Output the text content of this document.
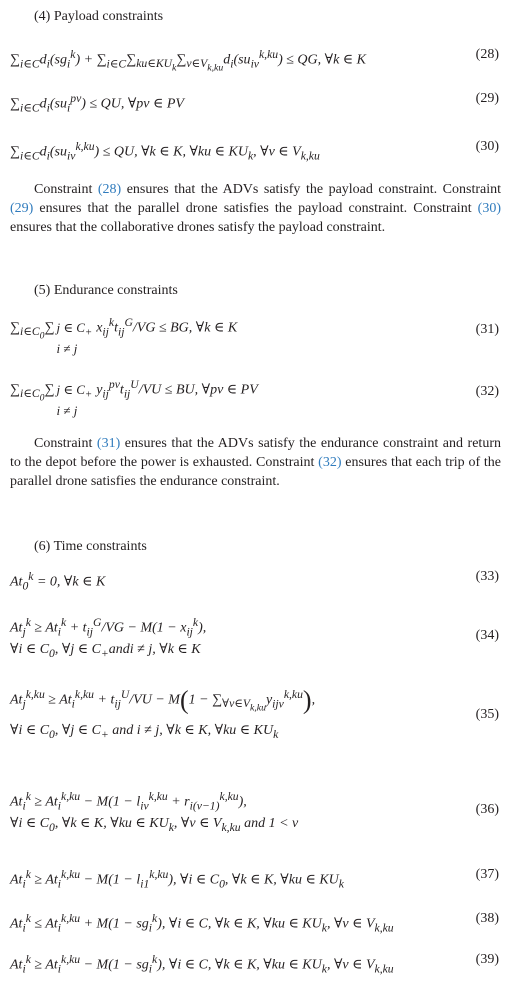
(4) Payload constraints
$\sum_{i\in C}d_i(sg_i^k) + \sum_{i\in C}\sum_{ku\in KU_k}\sum_{v\in V_{k,ku}}d_i(su_{iv}^{k,ku})$ ≤ QG, ∀k ∈ K	(28)
$\sum_{i\in C}d_i(su_i^{pv})$ ≤ QU, ∀pv ∈ PV	(29)
$\sum_{i\in C}d_i(su_{iv}^{k,ku})$ ≤ QU, ∀k ∈ K, ∀ku ∈ $KU_k$, ∀v ∈ $V_{k,ku}$
(30)
Constraint (28) ensures that the ADVs satisfy the payload constraint. Constraint (29) ensures that the parallel drone satisfies the payload constraint. Constraint (30) ensures that the collaborative drones satisfy the payload constraint.
(5) Endurance constraints
$\sum_{i\in C_0}\sum$ j ∈ $C_+$
$i \ne jx_{ij}^kt_{ij}^G/VG$ ≤ BG, ∀k ∈ K	(31)
$\sum_{i\in C_0}\sum$ j ∈ $C_+$
$i \ne jy_{ij}^{pv}t_{ij}^U/VU$ ≤ BU, ∀pv ∈ PV	(32)
Constraint (31) ensures that the ADVs satisfy the endurance constraint and return to the depot before the power is exhausted. Constraint (32) ensures that each trip of the parallel drone satisfies the endurance constraint.
(6) Time constraints
$At_0^k = 0$, ∀k ∈ K	(33)
$At_j^k \ge At_i^k + t_{ij}^G/VG - M(1 - x_{ij}^k)$,
∀i ∈ $C_0$, ∀j ∈ $C_+andi \ne j$, ∀k ∈ K
(34)
$At_j^{k,ku} \ge At_i^{k,ku} + t_{ij}^U/VU - M(1 - \sum_{\forall v\in V_{k,ku}}y_{ijv}^{k,ku})$,
∀i ∈ $C_0$, ∀j ∈ $C_+$ and i ≠ j, ∀k ∈ K, ∀ku ∈ $KU_k$
(35)
$At_i^k \ge At_i^{k,ku} - M(1 - l_{iv}^{k,ku} + r_{i(v-1)}^{k,ku})$,
∀i ∈ $C_0$, ∀k ∈ K, ∀ku ∈ $KU_k$, ∀v ∈ $V_{k,ku}$ and 1 < v
(36)
$At_i^k \ge At_i^{k,ku} - M(1 - l_{i1}^{k,ku})$, ∀i ∈ $C_0$, ∀k ∈ K, ∀ku ∈ $KU_k$
(37)
$At_i^k \le At_i^{k,ku} + M(1 - sg_i^k)$, ∀i ∈ C, ∀k ∈ K, ∀ku ∈ $KU_k$, ∀v ∈ $V_{k,ku}$
(38)
$At_i^k \ge At_i^{k,ku} - M(1 - sg_i^k)$, ∀i ∈ C, ∀k ∈ K, ∀ku ∈ $KU_k$, ∀v ∈ $V_{k,ku}$
(39)
